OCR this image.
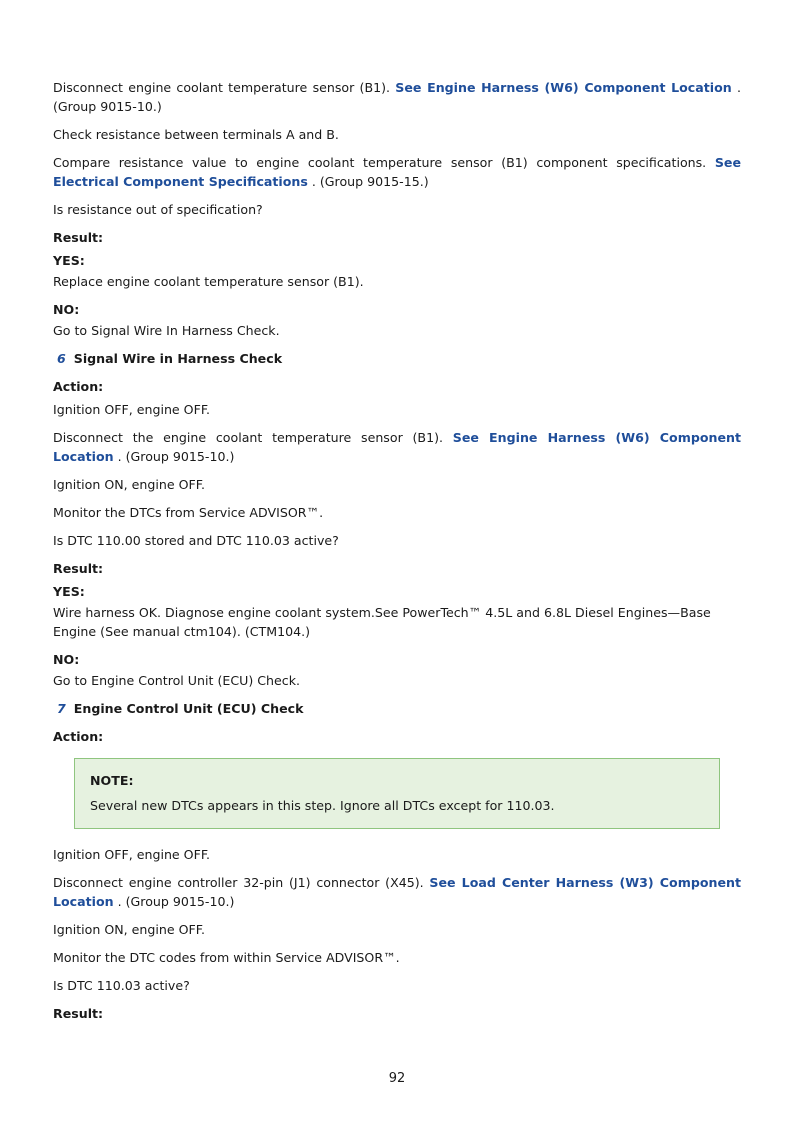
Disconnect engine coolant temperature sensor (B1). See Engine Harness (W6) Component Location . (Group 9015-10.)

Check resistance between terminals A and B.

Compare resistance value to engine coolant temperature sensor (B1) component specifications. See Electrical Component Specifications . (Group 9015-15.)

Is resistance out of specification?

Result:
YES:

Replace engine coolant temperature sensor (B1).

NO:

Go to Signal Wire In Harness Check.

6 Signal Wire in Harness Check
Action:

Ignition OFF, engine OFF.

Disconnect the engine coolant temperature sensor (B1). See Engine Harness (W6) Component Location . (Group 9015-10.)

Ignition ON, engine OFF.

Monitor the DTCs from Service ADVISOR™.

Is DTC 110.00 stored and DTC 110.03 active?

Result:
YES:

Wire harness OK. Diagnose engine coolant system.See PowerTech™ 4.5L and 6.8L Diesel Engines—Base Engine (See manual ctm104). (CTM104.)

NO:

Go to Engine Control Unit (ECU) Check.

7 Engine Control Unit (ECU) Check
Action:
NOTE:
Several new DTCs appears in this step. Ignore all DTCs except for 110.03.

Ignition OFF, engine OFF.

Disconnect engine controller 32-pin (J1) connector (X45). See Load Center Harness (W3) Component Location . (Group 9015-10.)

Ignition ON, engine OFF.

Monitor the DTC codes from within Service ADVISOR™.

Is DTC 110.03 active?

Result:
92
